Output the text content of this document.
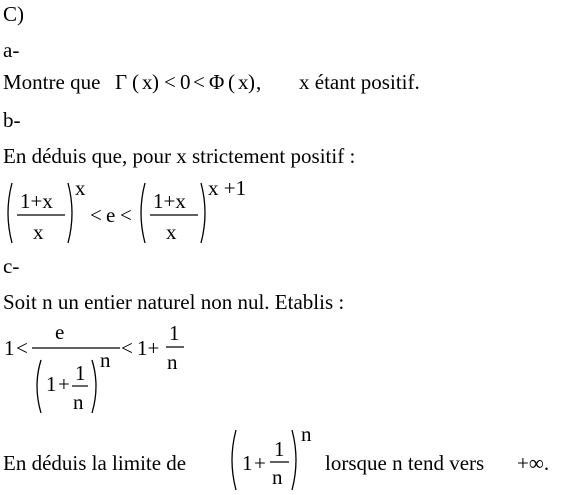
C)
a-
Montre que Γ ( x ) < 0 < Φ ( x ) , x étant positif.
b-
En déduis que, pour x strictement positif :
1+x
x
x
< e <
1+x
x
x +1
c-
Soit n un entier naturel non nul. Etablis :
1 <
e
1 + 1
n
n < 1+
1
n
En déduis la limite de	1 +
1
n
n
lorsque n tend vers +∞.
